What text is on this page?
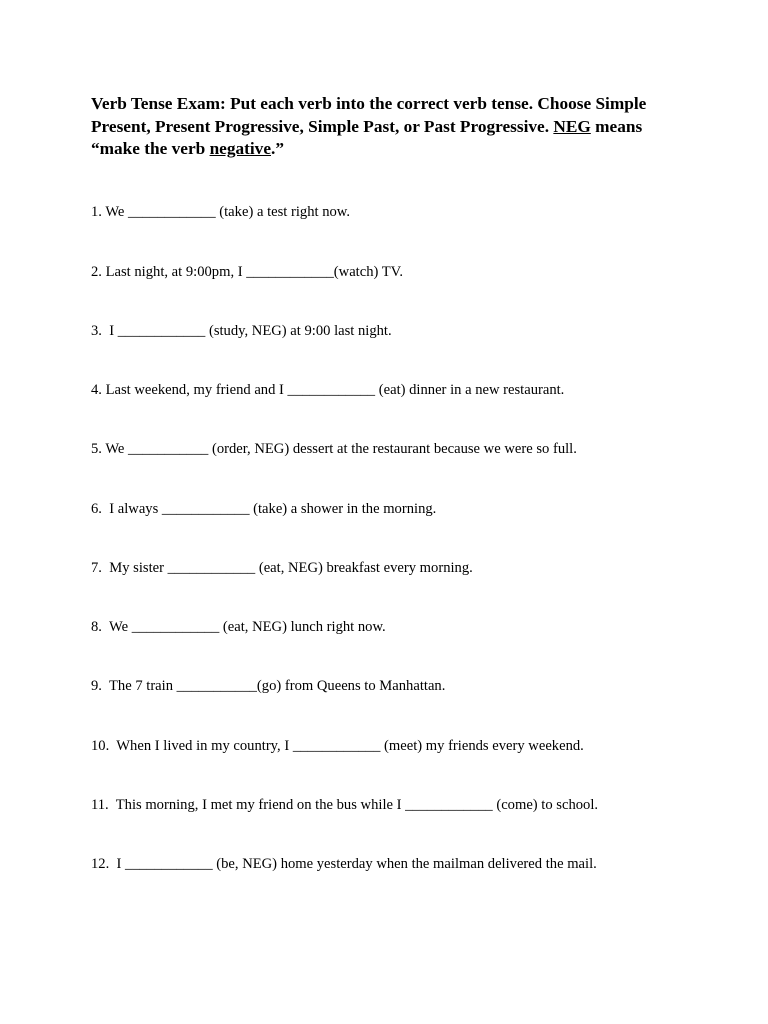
Verb Tense Exam: Put each verb into the correct verb tense. Choose Simple Present, Present Progressive, Simple Past, or Past Progressive. NEG means “make the verb negative.”

1. We ____________ (take) a test right now.
2. Last night, at 9:00pm, I ____________(watch) TV.
3.  I ____________ (study, NEG) at 9:00 last night.
4. Last weekend, my friend and I ____________ (eat) dinner in a new restaurant.
5. We ___________ (order, NEG) dessert at the restaurant because we were so full.
6.  I always ____________ (take) a shower in the morning.
7.  My sister ____________ (eat, NEG) breakfast every morning.
8.  We ____________ (eat, NEG) lunch right now.
9.  The 7 train ___________(go) from Queens to Manhattan.
10.  When I lived in my country, I ____________ (meet) my friends every weekend.
11.  This morning, I met my friend on the bus while I ____________ (come) to school.
12.  I ____________ (be, NEG) home yesterday when the mailman delivered the mail.
